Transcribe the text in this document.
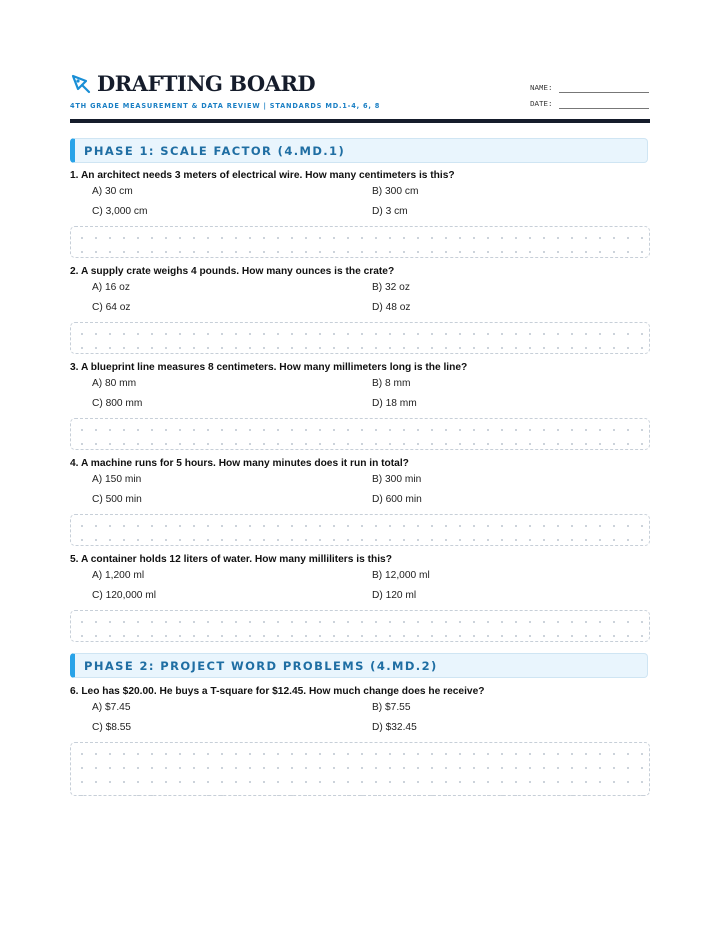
DRAFTING BOARD
4TH GRADE MEASUREMENT & DATA REVIEW | STANDARDS MD.1-4, 6, 8
NAME:
DATE:
PHASE 1: SCALE FACTOR (4.MD.1)
1. An architect needs 3 meters of electrical wire. How many centimeters is this?
A) 30 cm	B) 300 cm
C) 3,000 cm	D) 3 cm
2. A supply crate weighs 4 pounds. How many ounces is the crate?
A) 16 oz	B) 32 oz
C) 64 oz	D) 48 oz
3. A blueprint line measures 8 centimeters. How many millimeters long is the line?
A) 80 mm	B) 8 mm
C) 800 mm	D) 18 mm
4. A machine runs for 5 hours. How many minutes does it run in total?
A) 150 min	B) 300 min
C) 500 min	D) 600 min
5. A container holds 12 liters of water. How many milliliters is this?
A) 1,200 ml	B) 12,000 ml
C) 120,000 ml	D) 120 ml
PHASE 2: PROJECT WORD PROBLEMS (4.MD.2)
6. Leo has $20.00. He buys a T-square for $12.45. How much change does he receive?
A) $7.45	B) $7.55
C) $8.55	D) $32.45
